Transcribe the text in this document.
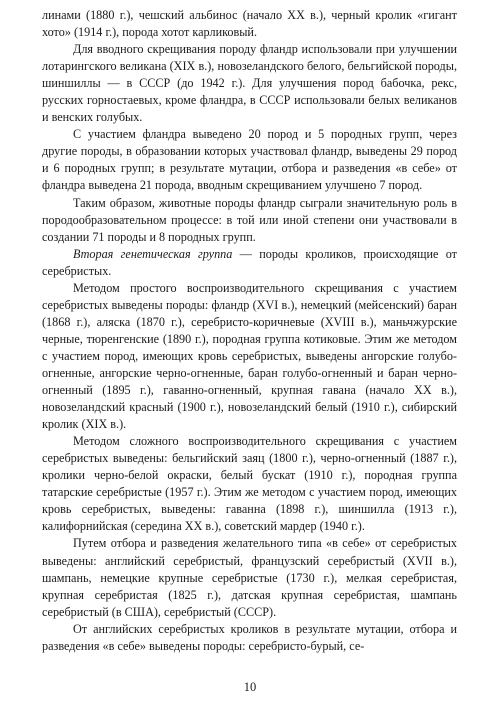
линами (1880 г.), чешский альбинос (начало XX в.), черный кролик «гигант хото» (1914 г.), порода хотот карликовый.

Для вводного скрещивания породу фландр использовали при улучшении лотарингского великана (XIX в.), новозеландского белого, бельгийской породы, шиншиллы — в СССР (до 1942 г.). Для улучшения пород бабочка, рекс, русских горностаевых, кроме фландра, в СССР использовали белых великанов и венских голубых.

С участием фландра выведено 20 пород и 5 породных групп, через другие породы, в образовании которых участвовал фландр, выведены 29 пород и 6 породных групп; в результате мутации, отбора и разведения «в себе» от фландра выведена 21 порода, вводным скрещиванием улучшено 7 пород.

Таким образом, животные породы фландр сыграли значительную роль в породообразовательном процессе: в той или иной степени они участвовали в создании 71 породы и 8 породных групп.

Вторая генетическая группа — породы кроликов, происходящие от серебристых.

Методом простого воспроизводительного скрещивания с участием серебристых выведены породы: фландр (XVI в.), немецкий (мейсенский) баран (1868 г.), аляска (1870 г.), серебристо-коричневые (XVIII в.), маньчжурские черные, тюренгенские (1890 г.), породная группа котиковые. Этим же методом с участием пород, имеющих кровь серебристых, выведены ангорские голубо-огненные, ангорские черно-огненные, баран голубо-огненный и баран черно-огненный (1895 г.), гаванно-огненный, крупная гавана (начало XX в.), новозеландский красный (1900 г.), новозеландский белый (1910 г.), сибирский кролик (XIX в.).

Методом сложного воспроизводительного скрещивания с участием серебристых выведены: бельгийский заяц (1800 г.), черно-огненный (1887 г.), кролики черно-белой окраски, белый бускат (1910 г.), породная группа татарские серебристые (1957 г.). Этим же методом с участием пород, имеющих кровь серебристых, выведены: гаванна (1898 г.), шиншилла (1913 г.), калифорнийская (середина XX в.), советский мардер (1940 г.).

Путем отбора и разведения желательного типа «в себе» от серебристых выведены: английский серебристый, французский серебристый (XVII в.), шампань, немецкие крупные серебристые (1730 г.), мелкая серебристая, крупная серебристая (1825 г.), датская крупная серебристая, шампань серебристый (в США), серебристый (СССР).

От английских серебристых кроликов в результате мутации, отбора и разведения «в себе» выведены породы: серебристо-бурый, се-

10
